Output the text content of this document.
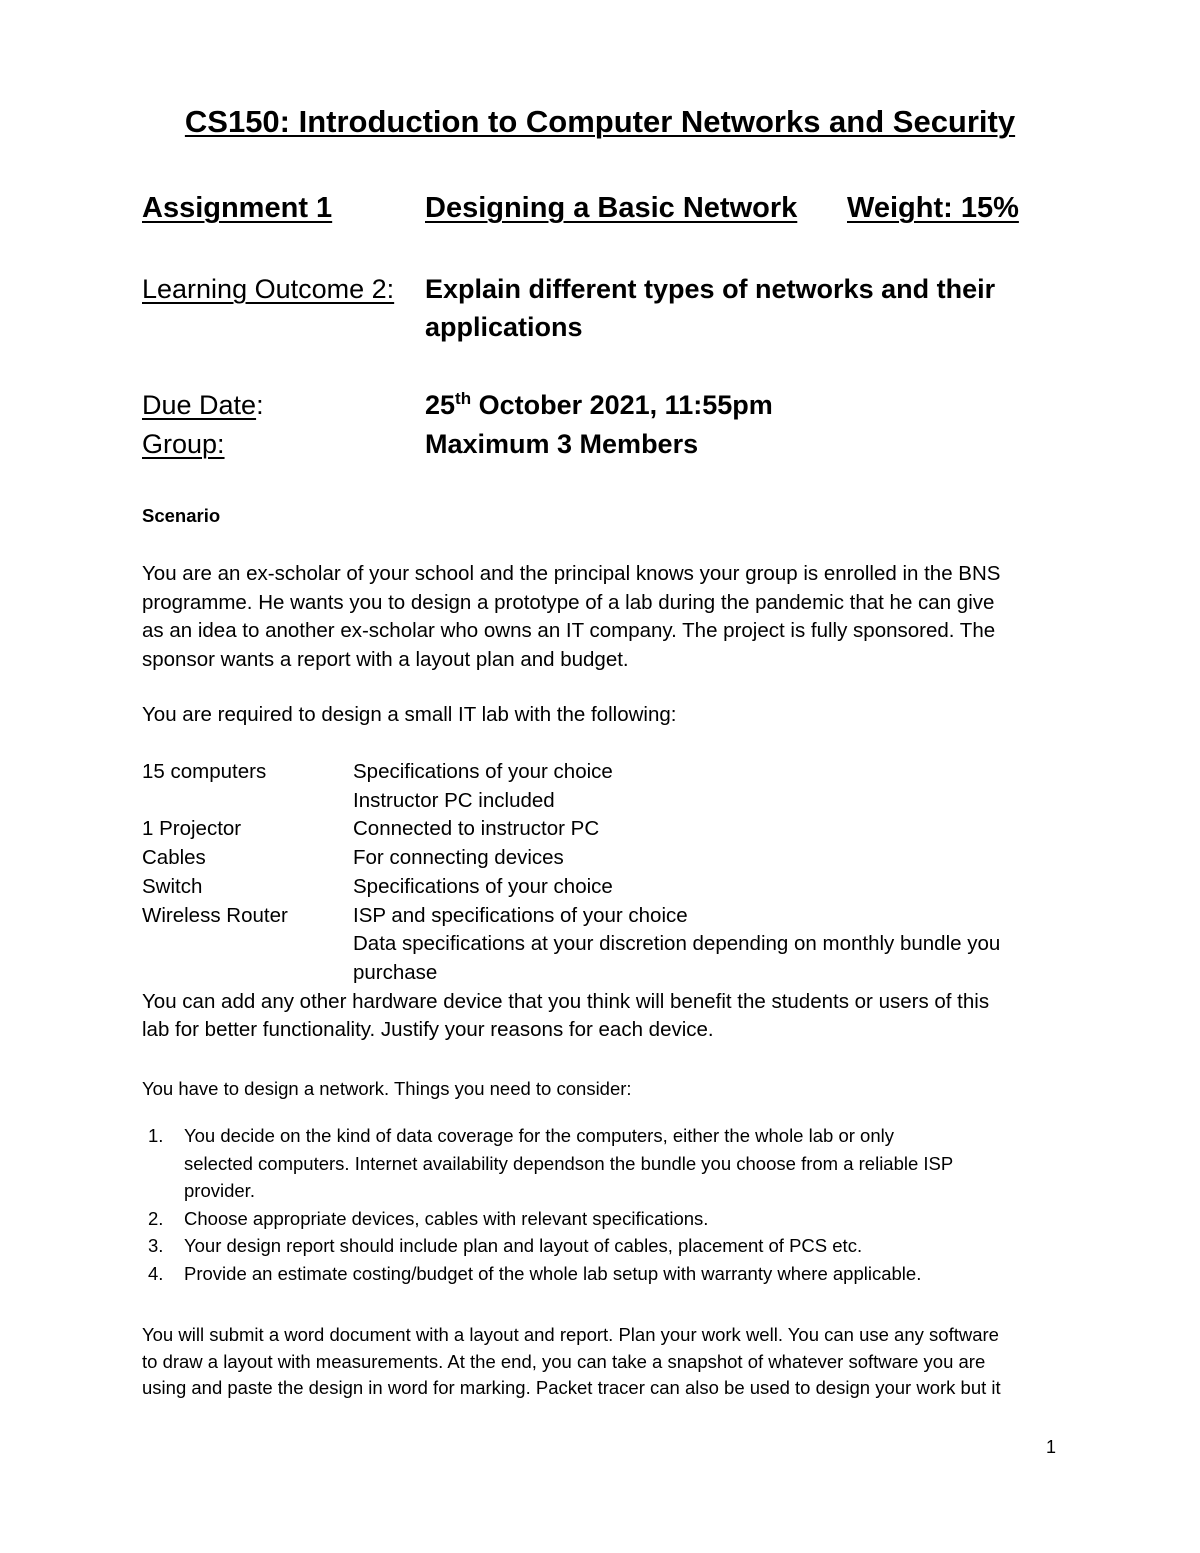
CS150: Introduction to Computer Networks and Security
Assignment 1	Designing a Basic Network Weight: 15%
Learning Outcome 2: Explain different types of networks and their
applications
Due Date:	25th October 2021, 11:55pm
Group:	Maximum 3 Members
Scenario
You are an ex-scholar of your school and the principal knows your group is enrolled in the BNS
programme. He wants you to design a prototype of a lab during the pandemic that he can give
as an idea to another ex-scholar who owns an IT company. The project is fully sponsored. The
sponsor wants a report with a layout plan and budget.
You are required to design a small IT lab with the following:
15 computers	Specifications of your choice
Instructor PC included
1 Projector	Connected to instructor PC
Cables	For connecting devices
Switch	Specifications of your choice
Wireless Router	ISP and specifications of your choice
Data specifications at your discretion depending on monthly bundle you
purchase
You can add any other hardware device that you think will benefit the students or users of this
lab for better functionality. Justify your reasons for each device.
You have to design a network. Things you need to consider:
1.	You decide on the kind of data coverage for the computers, either the whole lab or only
selected computers. Internet availability dependson the bundle you choose from a reliable ISP
provider.
2.	Choose appropriate devices, cables with relevant specifications.
3.	Your design report should include plan and layout of cables, placement of PCS etc.
4.	Provide an estimate costing/budget of the whole lab setup with warranty where applicable.
You will submit a word document with a layout and report. Plan your work well. You can use any software
to draw a layout with measurements. At the end, you can take a snapshot of whatever software you are
using and paste the design in word for marking. Packet tracer can also be used to design your work but it
1
